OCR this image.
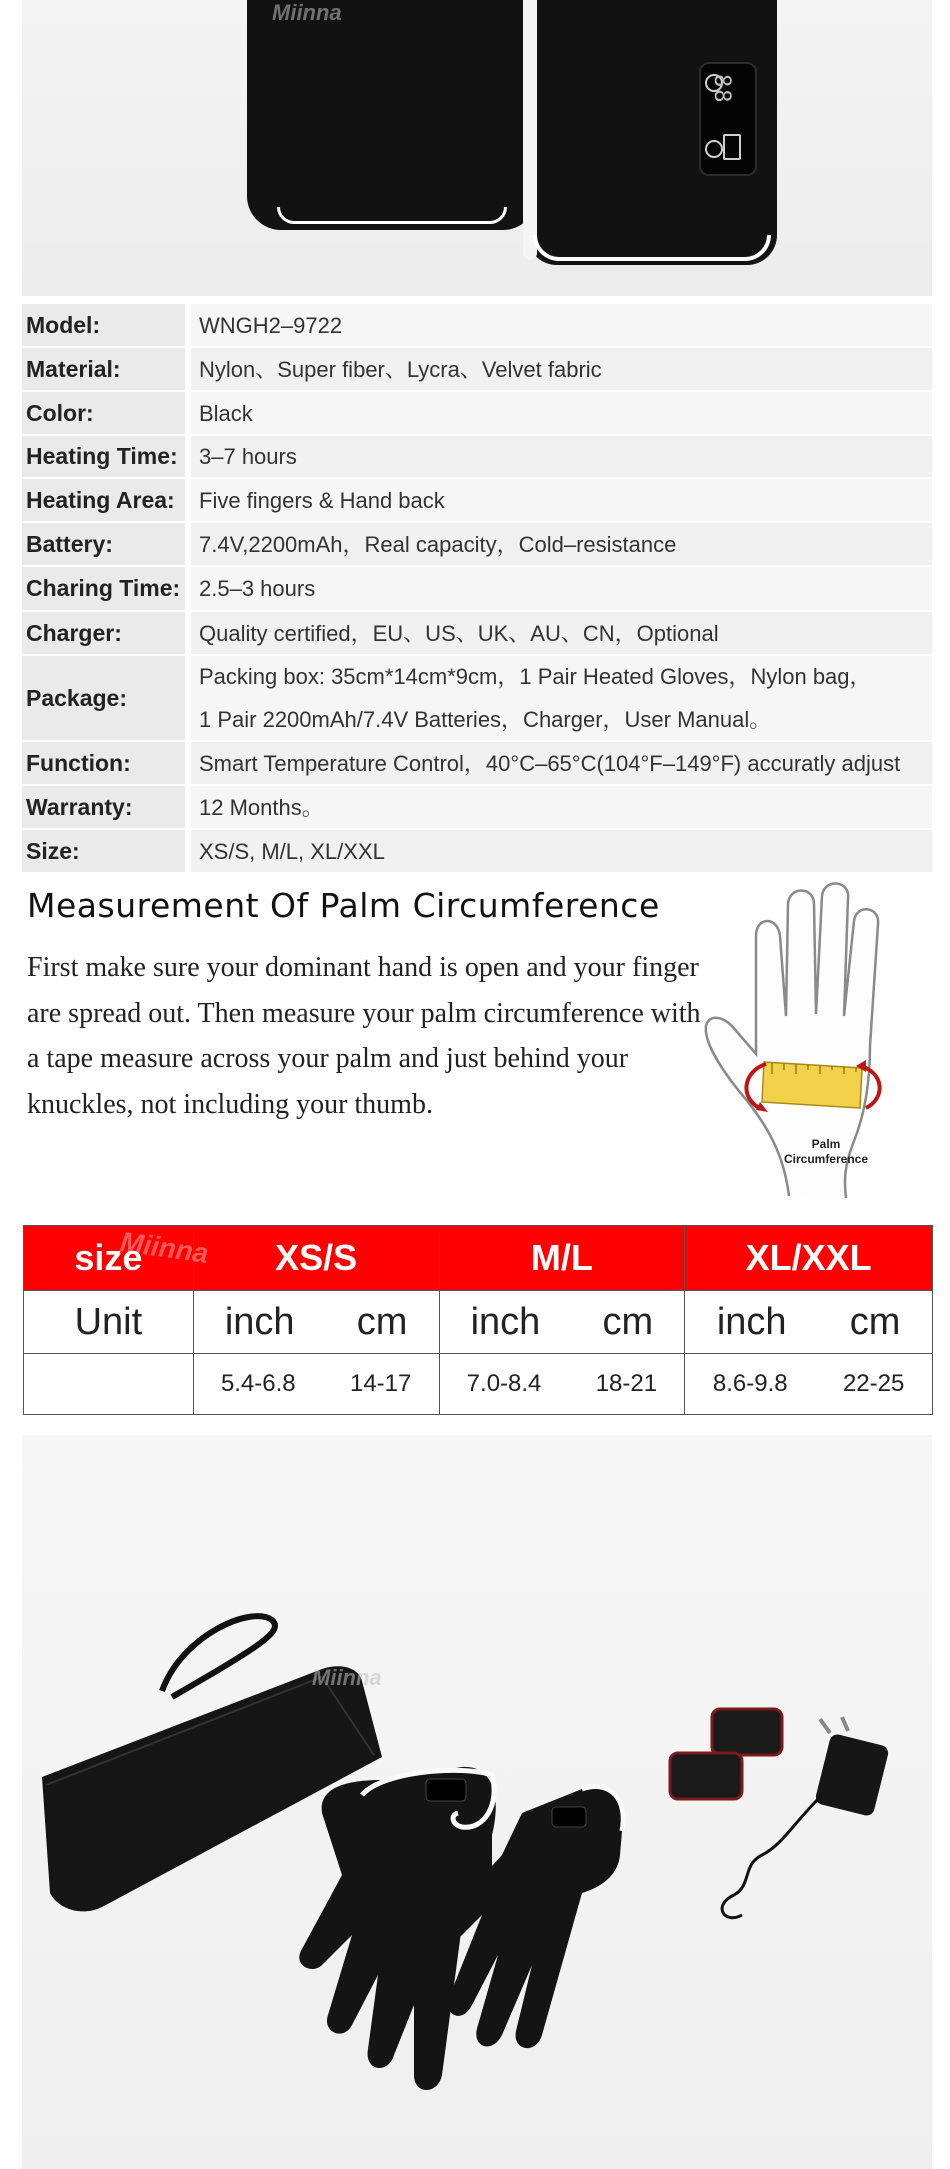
88
Miinna
Model:	WNGH2–9722
Material:	Nylon、Super fiber、Lycra、Velvet fabric
Color:	Black
Heating Time: 3–7 hours
Heating Area:	Five fingers & Hand back
Battery:	7.4V,2200mAh，Real capacity，Cold–resistance
Charing Time: 2.5–3 hours
Charger:	Quality certified，EU、US、UK、AU、CN，Optional
Package:
Packing box: 35cm*14cm*9cm，1 Pair Heated Gloves，Nylon bag，
1 Pair 2200mAh/7.4V Batteries，Charger，User Manual。
Function:	Smart Temperature Control，40°C–65°C(104°F–149°F) accuratly adjust
Warranty:	12 Months。
Size:	XS/S, M/L, XL/XXL
Measurement Of Palm Circumference
First make sure your dominant hand is open and your finger are spread out. Then measure your palm circumference with a tape measure across your palm and just behind your knuckles, not including your thumb.
Palm
Circumference
size	XS/S	M/L	XL/XXL
Unit	inch cm	inch cm	inch cm

	5.4-6.8 14-17	7.0-8.4 18-21	8.6-9.8 22-25
Miinna
Miinna
